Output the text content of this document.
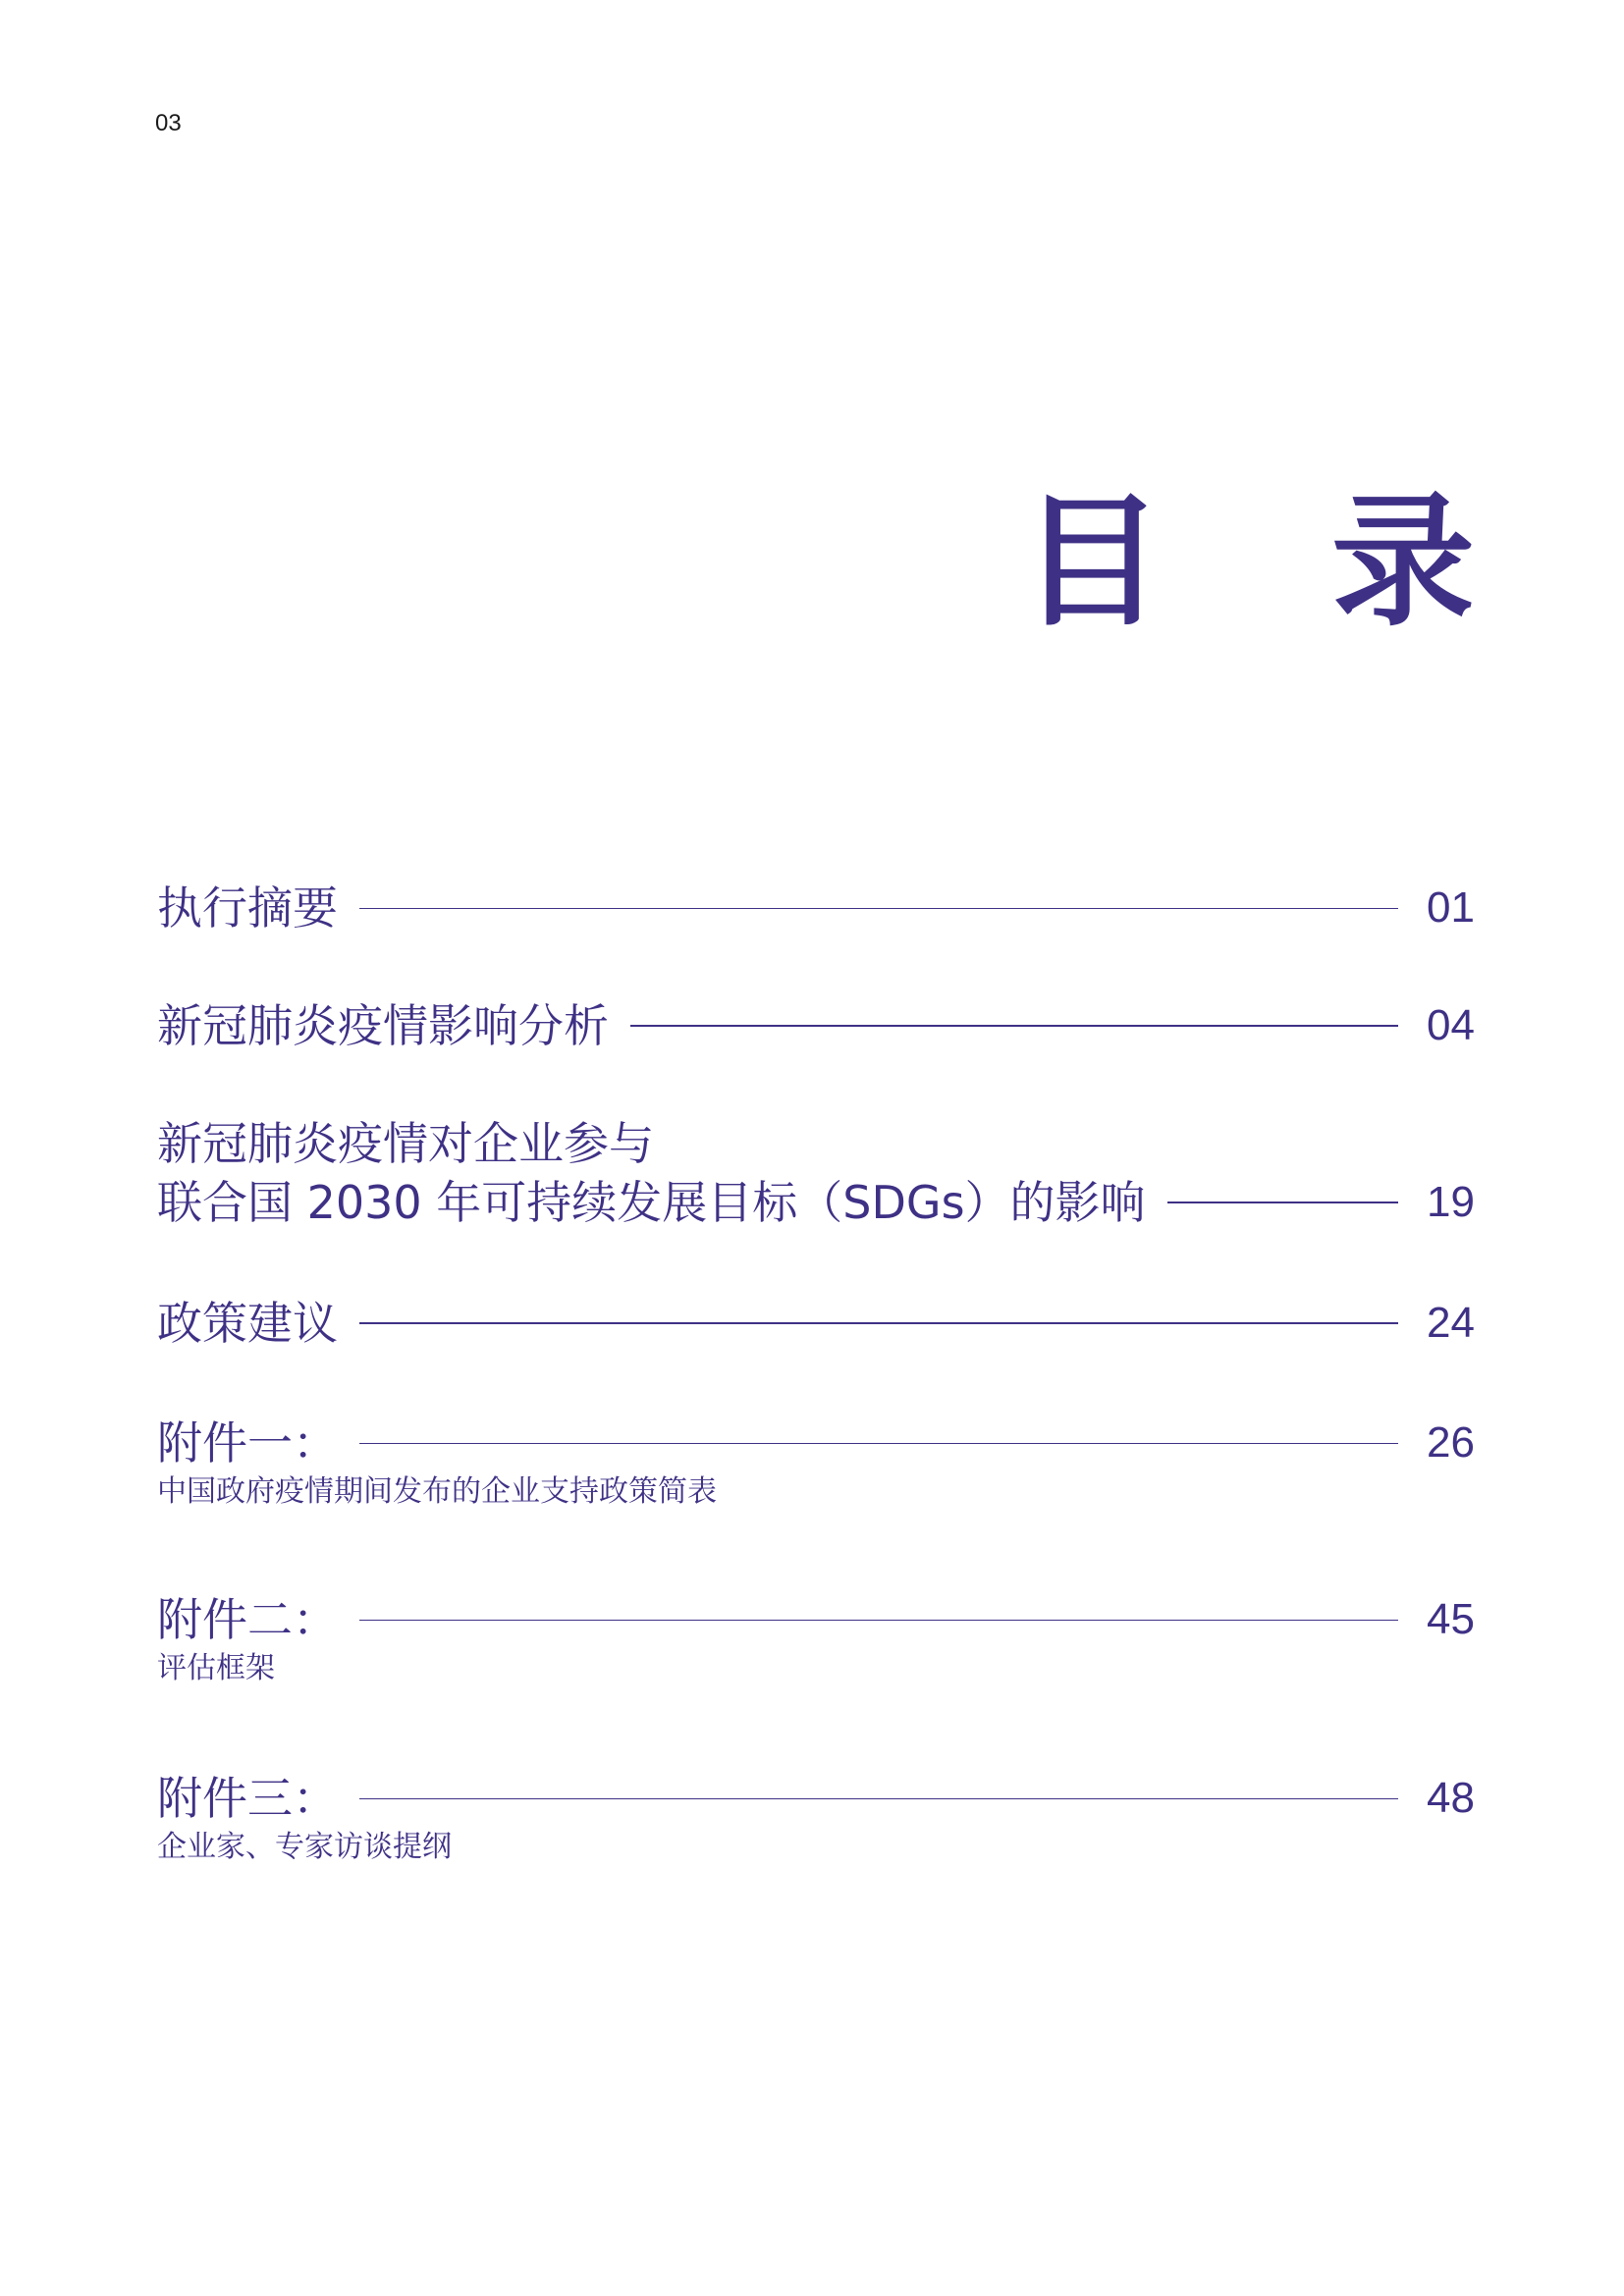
03
目 录
执行摘要	01
新冠肺炎疫情影响分析	04
新冠肺炎疫情对企业参与
联合国 2030 年可持续发展目标（SDGs）的影响	19
政策建议	24
附件一：	26
中国政府疫情期间发布的企业支持政策简表
附件二：	45
评估框架
附件三：	48
企业家、专家访谈提纲
